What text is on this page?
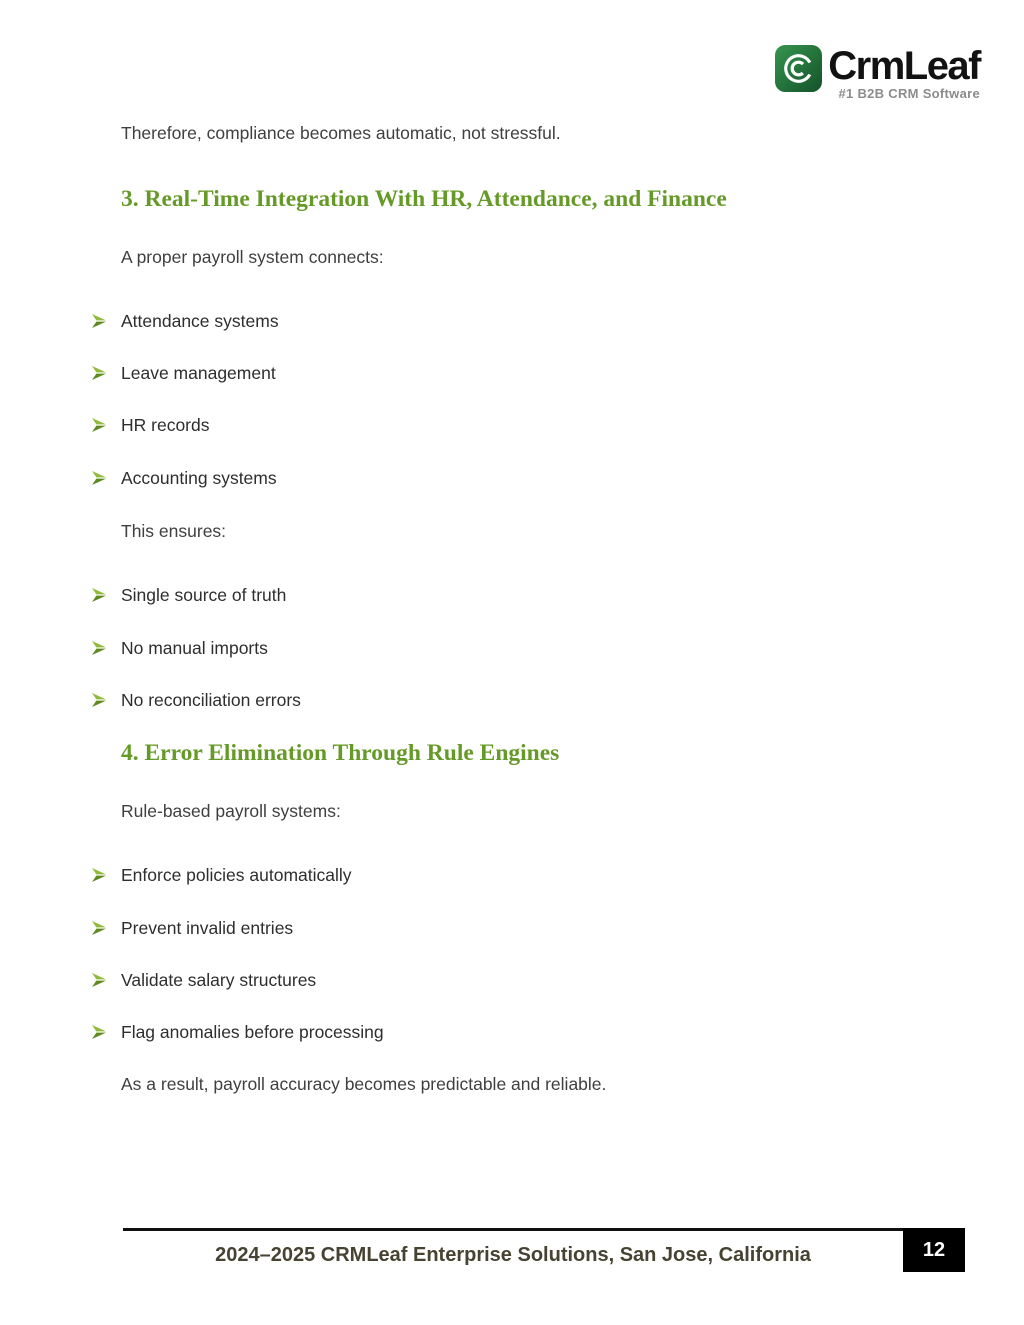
CrmLeaf
#1 B2B CRM Software

Therefore, compliance becomes automatic, not stressful.

3. Real-Time Integration With HR, Attendance, and Finance

A proper payroll system connects:

Attendance systems
Leave management
HR records
Accounting systems

This ensures:

Single source of truth
No manual imports
No reconciliation errors
4. Error Elimination Through Rule Engines

Rule-based payroll systems:

Enforce policies automatically
Prevent invalid entries
Validate salary structures
Flag anomalies before processing

As a result, payroll accuracy becomes predictable and reliable.

2024–2025 CRMLeaf Enterprise Solutions, San Jose, California	12
